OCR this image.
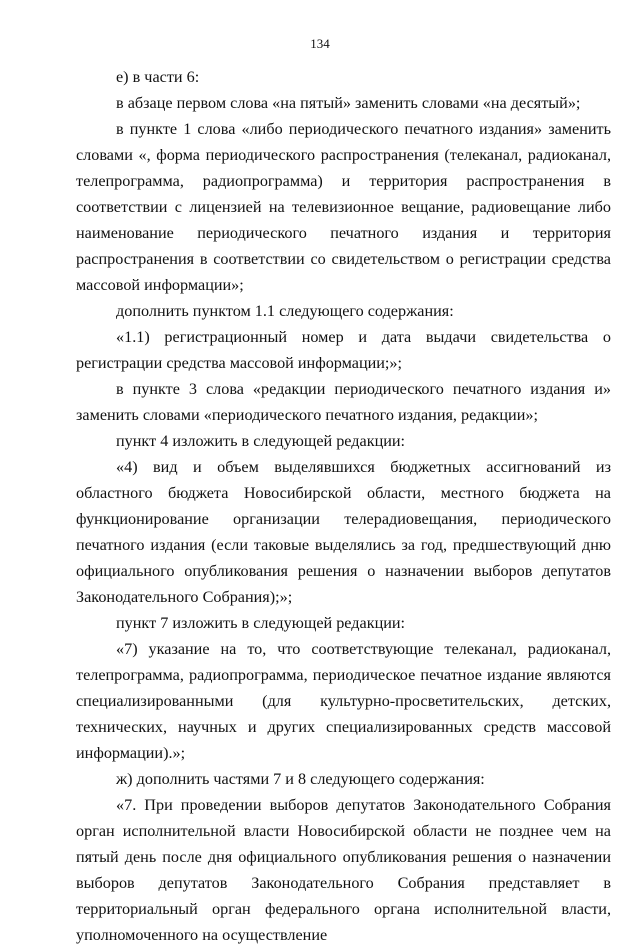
134

е) в части 6:

в абзаце первом слова «на пятый» заменить словами «на десятый»;

в пункте 1 слова «либо периодического печатного издания» заменить словами «, форма периодического распространения (телеканал, радиоканал, телепрограмма, радиопрограмма) и территория распространения в соответствии с лицензией на телевизионное вещание, радиовещание либо наименование периодического печатного издания и территория распространения в соответствии со свидетельством о регистрации средства массовой информации»;

дополнить пунктом 1.1 следующего содержания:

«1.1) регистрационный номер и дата выдачи свидетельства о регистрации средства массовой информации;»;

в пункте 3 слова «редакции периодического печатного издания и» заменить словами «периодического печатного издания, редакции»;

пункт 4 изложить в следующей редакции:

«4) вид и объем выделявшихся бюджетных ассигнований из областного бюджета Новосибирской области, местного бюджета на функционирование организации телерадиовещания, периодического печатного издания (если таковые выделялись за год, предшествующий дню официального опубликования решения о назначении выборов депутатов Законодательного Собрания);»;

пункт 7 изложить в следующей редакции:

«7) указание на то, что соответствующие телеканал, радиоканал, телепрограмма, радиопрограмма, периодическое печатное издание являются специализированными (для культурно-просветительских, детских, технических, научных и других специализированных средств массовой информации).»;

ж) дополнить частями 7 и 8 следующего содержания:

«7. При проведении выборов депутатов Законодательного Собрания орган исполнительной власти Новосибирской области не позднее чем на пятый день после дня официального опубликования решения о назначении выборов депутатов Законодательного Собрания представляет в территориальный орган федерального органа исполнительной власти, уполномоченного на осуществление
